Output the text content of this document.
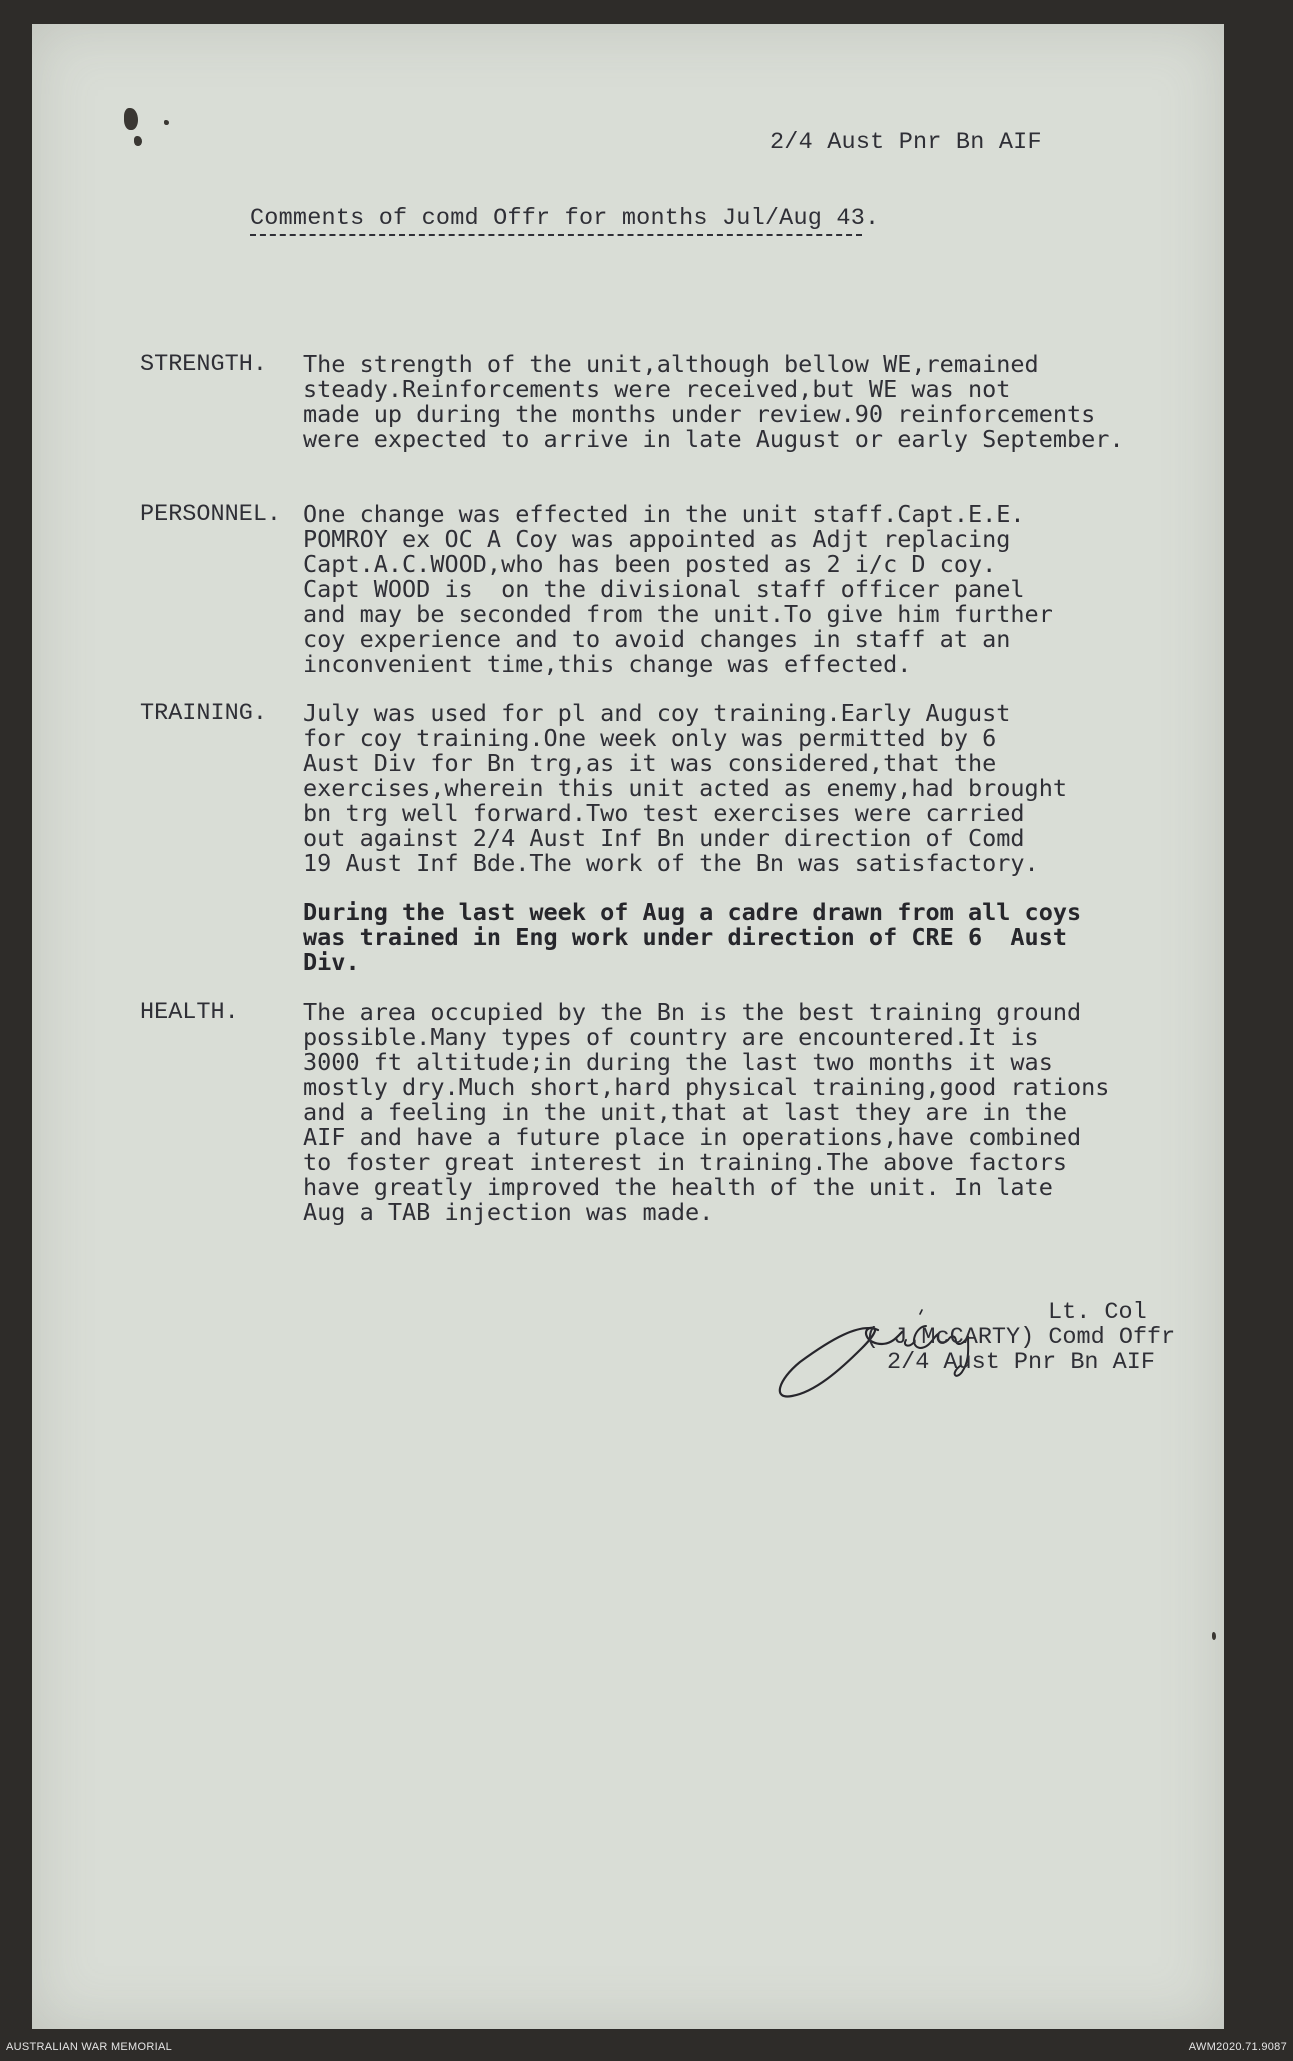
2/4 Aust Pnr Bn AIF
Comments of comd Offr for months Jul/Aug 43.
STRENGTH. The strength of the unit,although bellow WE,remained
steady.Reinforcements were received,but WE was not
made up during the months under review.90 reinforcements
were expected to arrive in late August or early September.
PERSONNEL. One change was effected in the unit staff.Capt.E.E.
POMROY ex OC A Coy was appointed as Adjt replacing
Capt.A.C.WOOD,who has been posted as 2 i/c D coy.
Capt WOOD is  on the divisional staff officer panel
and may be seconded from the unit.To give him further
coy experience and to avoid changes in staff at an
inconvenient time,this change was effected.
TRAINING. July was used for pl and coy training.Early August
for coy training.One week only was permitted by 6
Aust Div for Bn trg,as it was considered,that the
exercises,wherein this unit acted as enemy,had brought
bn trg well forward.Two test exercises were carried
out against 2/4 Aust Inf Bn under direction of Comd
19 Aust Inf Bde.The work of the Bn was satisfactory.
During the last week of Aug a cadre drawn from all coys
was trained in Eng work under direction of CRE 6  Aust
Div.
HEALTH.	The area occupied by the Bn is the best training ground
possible.Many types of country are encountered.It is
3000 ft altitude;in during the last two months it was
mostly dry.Much short,hard physical training,good rations
and a feeling in the unit,that at last they are in the
AIF and have a future place in operations,have combined
to foster great interest in training.The above factors
have greatly improved the health of the unit. In late
Aug a TAB injection was made.
Lt. Col
( J.McCARTY) Comd Offr
2/4 Aust Pnr Bn AIF
AUSTRALIAN WAR MEMORIAL	AWM2020.71.9087
